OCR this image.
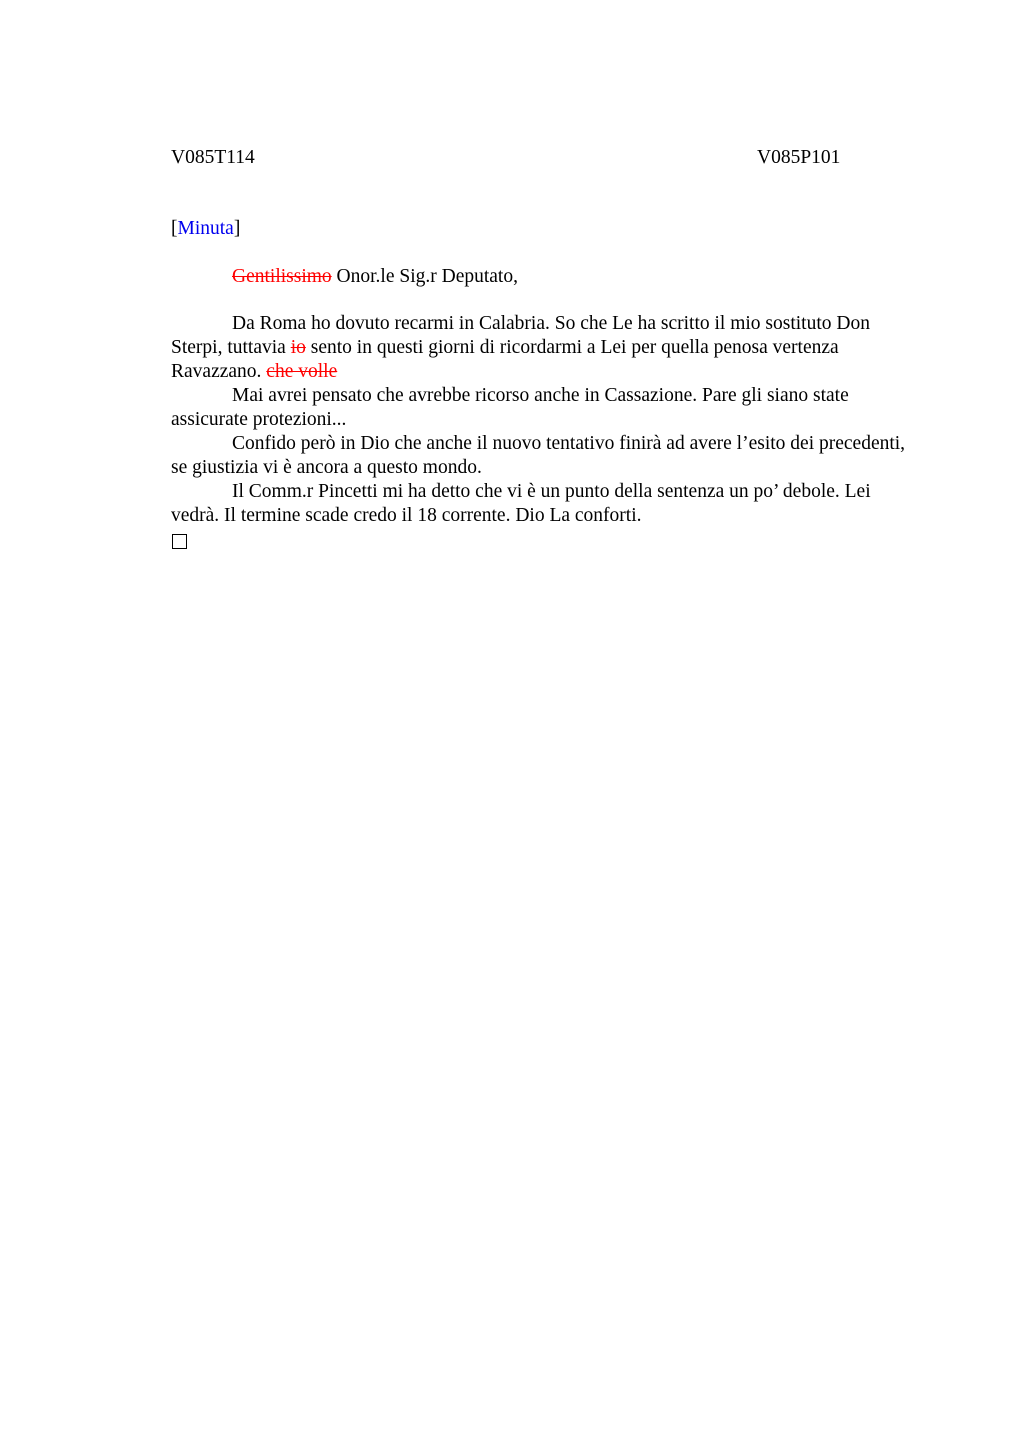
V085T114	V085P101
[Minuta]
Gentilissimo Onor.le Sig.r Deputato,

Da Roma ho dovuto recarmi in Calabria. So che Le ha scritto il mio sostituto Don Sterpi, tuttavia io sento in questi giorni di ricordarmi a Lei per quella penosa vertenza Ravazzano. che volle

Mai avrei pensato che avrebbe ricorso anche in Cassazione. Pare gli siano state assicurate protezioni...

Confido però in Dio che anche il nuovo tentativo finirà ad avere l’esito dei precedenti, se giustizia vi è ancora a questo mondo.

Il Comm.r Pincetti mi ha detto che vi è un punto della sentenza un po’ debole. Lei vedrà. Il termine scade credo il 18 corrente. Dio La conforti.
